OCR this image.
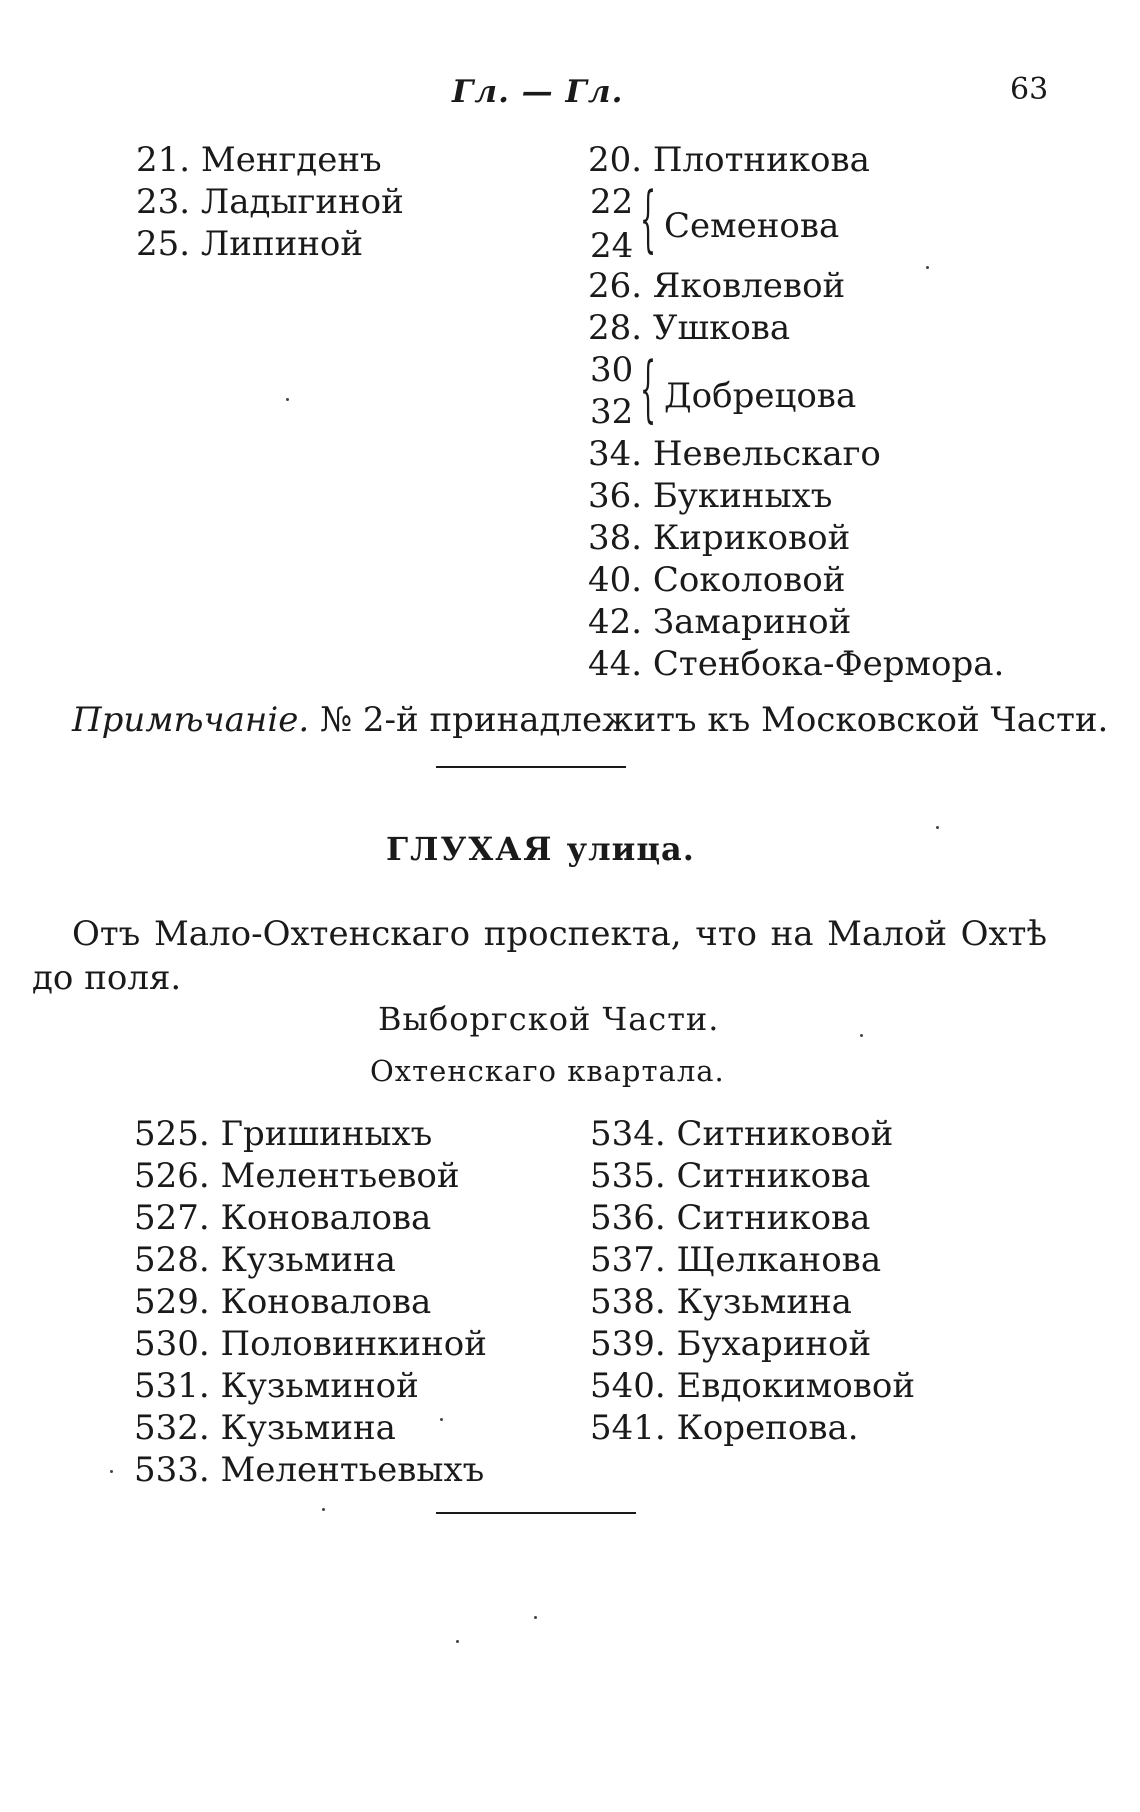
Гл. — Гл.	63
21. Менгденъ
23. Ладыгиной
25. Липиной
20. Плотникова
22
24 { Семенова
26. Яковлевой
28. Ушкова
30
32 { Добрецова
34. Невельскаго
36. Букиныхъ
38. Кириковой
40. Соколовой
42. Замариной
44. Стенбока-Фермора.
Примѣчаніе. № 2-й принадлежитъ къ Московской Части.
ГЛУХАЯ улица.
Отъ Мало-Охтенскаго проспекта, что на Малой Охтѣ
до поля.
Выборгской Части.
Охтенскаго квартала.
525. Гришиныхъ
526. Мелентьевой
527. Коновалова
528. Кузьмина
529. Коновалова
530. Половинкиной
531. Кузьминой
532. Кузьмина
533. Мелентьевыхъ
534. Ситниковой
535. Ситникова
536. Ситникова
537. Щелканова
538. Кузьмина
539. Бухариной
540. Евдокимовой
541. Корепова.
